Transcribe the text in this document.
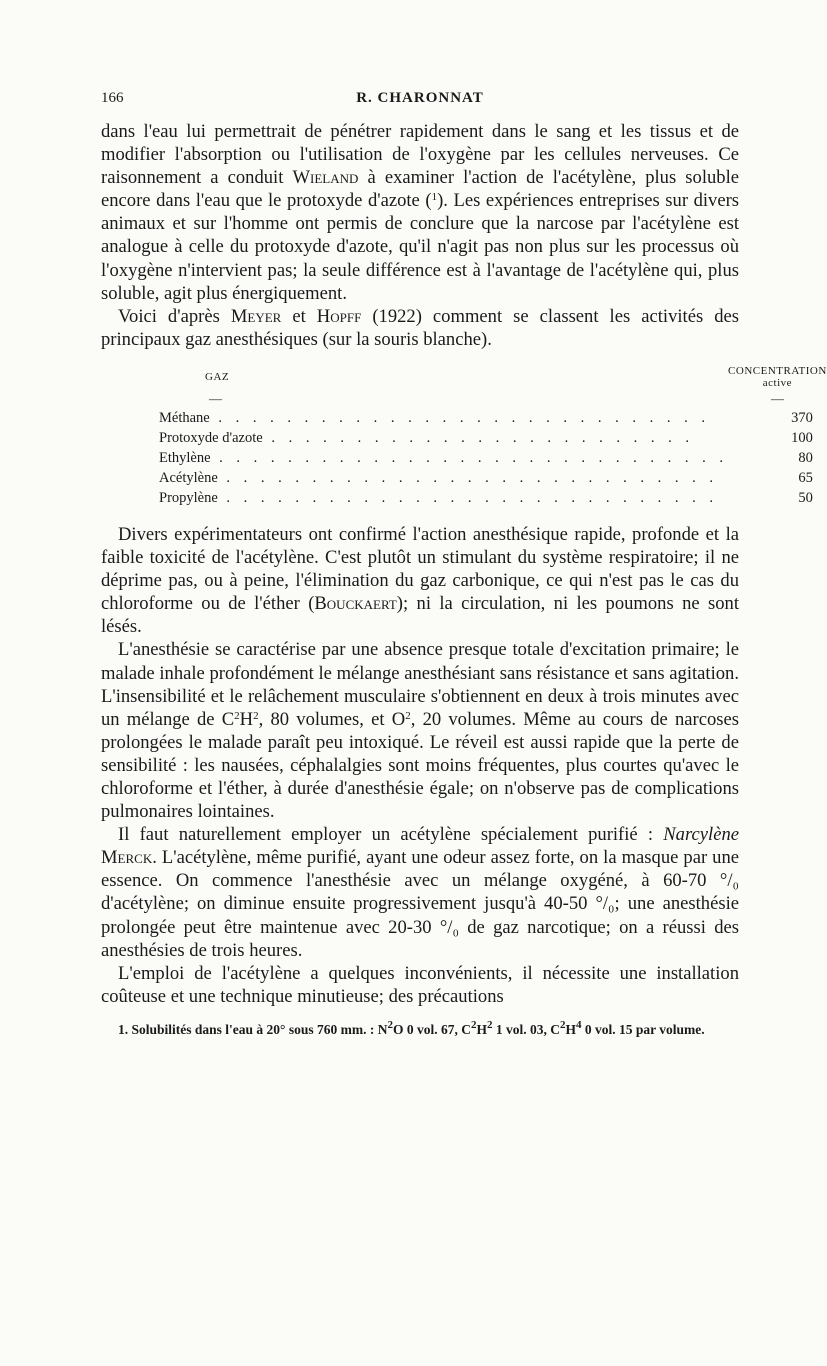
166	R. CHARONNAT

dans l'eau lui permettrait de pénétrer rapidement dans le sang et les tissus et de modifier l'absorption ou l'utilisation de l'oxygène par les cellules nerveuses. Ce raisonnement a conduit Wieland à examiner l'action de l'acétylène, plus soluble encore dans l'eau que le protoxyde d'azote ($^1$). Les expériences entreprises sur divers animaux et sur l'homme ont permis de conclure que la narcose par l'acétylène est analogue à celle du protoxyde d'azote, qu'il n'agit pas non plus sur les processus où l'oxygène n'intervient pas; la seule différence est à l'avantage de l'acétylène qui, plus soluble, agit plus énergiquement.

Voici d'après Meyer et Hopff (1922) comment se classent les activités des principaux gaz anesthésiques (sur la souris blanche).

GAZ	CONCENTRATION
active
—	—
Méthane . . . . . . . . . . . . . . . . . . . . . . . . . . . . .	370
Protoxyde d'azote . . . . . . . . . . . . . . . . . . . . . . . . .	100
Ethylène . . . . . . . . . . . . . . . . . . . . . . . . . . . . . .	80
Acétylène . . . . . . . . . . . . . . . . . . . . . . . . . . . . .	65
Propylène . . . . . . . . . . . . . . . . . . . . . . . . . . . . .	50

Divers expérimentateurs ont confirmé l'action anesthésique rapide, profonde et la faible toxicité de l'acétylène. C'est plutôt un stimulant du système respiratoire; il ne déprime pas, ou à peine, l'élimination du gaz carbonique, ce qui n'est pas le cas du chloroforme ou de l'éther (Bouckaert); ni la circulation, ni les poumons ne sont lésés.

L'anesthésie se caractérise par une absence presque totale d'excitation primaire; le malade inhale profondément le mélange anesthésiant sans résistance et sans agitation. L'insensibilité et le relâchement musculaire s'obtiennent en deux à trois minutes avec un mélange de $C^2H^2$, 80 volumes, et $O^2$, 20 volumes. Même au cours de narcoses prolongées le malade paraît peu intoxiqué. Le réveil est aussi rapide que la perte de sensibilité : les nausées, céphalalgies sont moins fréquentes, plus courtes qu'avec le chloroforme et l'éther, à durée d'anesthésie égale; on n'observe pas de complications pulmonaires lointaines.

Il faut naturellement employer un acétylène spécialement purifié : Narcylène Merck. L'acétylène, même purifié, ayant une odeur assez forte, on la masque par une essence. On commence l'anesthésie avec un mélange oxygéné, à 60-70 °/₀ d'acétylène; on diminue ensuite progressivement jusqu'à 40-50 °/₀; une anesthésie prolongée peut être maintenue avec 20-30 °/₀ de gaz narcotique; on a réussi des anesthésies de trois heures.

L'emploi de l'acétylène a quelques inconvénients, il nécessite une installation coûteuse et une technique minutieuse; des précautions

1. Solubilités dans l'eau à 20° sous 760 mm. : $N^2O$ 0 vol. 67, $C^2H^2$ 1 vol. 03, $C^2H^4$ 0 vol. 15 par volume.
